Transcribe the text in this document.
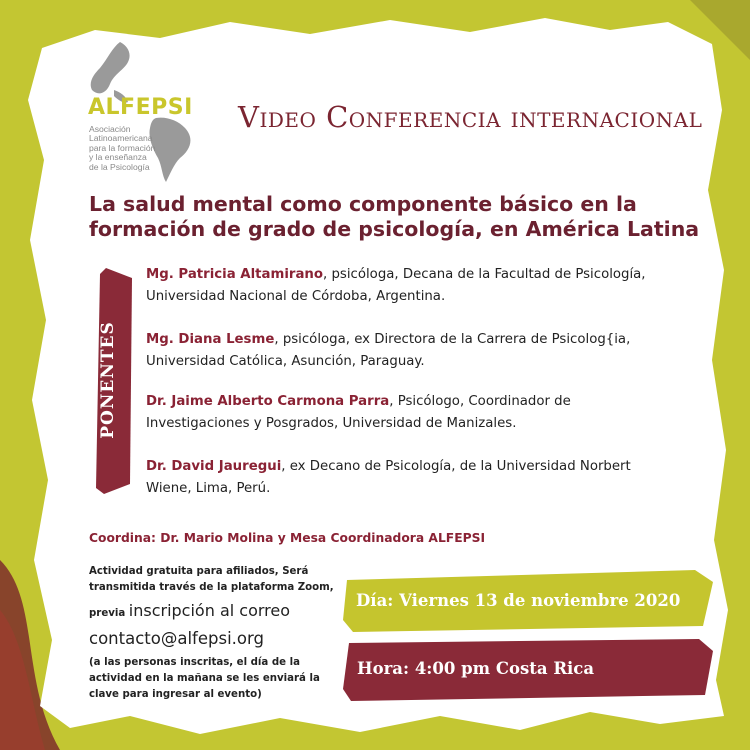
ALFEPSI
Asociación
Latinoamericana
para la formación
y la enseñanza
de la Psicología
Video Conferencia internacional
La salud mental como componente básico en la formación de grado de psicología, en América Latina
PONENTES
Mg. Patricia Altamirano, psicóloga, Decana de la Facultad de Psicología,
Universidad Nacional de Córdoba, Argentina.
Mg. Diana Lesme, psicóloga, ex Directora de la Carrera de Psicolog{ia,
Universidad Católica, Asunción, Paraguay.
Dr. Jaime Alberto Carmona Parra, Psicólogo, Coordinador de
Investigaciones y Posgrados, Universidad de Manizales.
Dr. David Jauregui, ex Decano de Psicología, de la Universidad Norbert
Wiene, Lima, Perú.
Coordina: Dr. Mario Molina y Mesa Coordinadora ALFEPSI
Actividad gratuita para afiliados, Será
transmitida través de la plataforma Zoom,
previa inscripción al correo
contacto@alfepsi.org
(a las personas inscritas, el día de la
actividad en la mañana se les enviará la
clave para ingresar al evento)
Día: Viernes 13 de noviembre 2020
Hora: 4:00 pm Costa Rica
